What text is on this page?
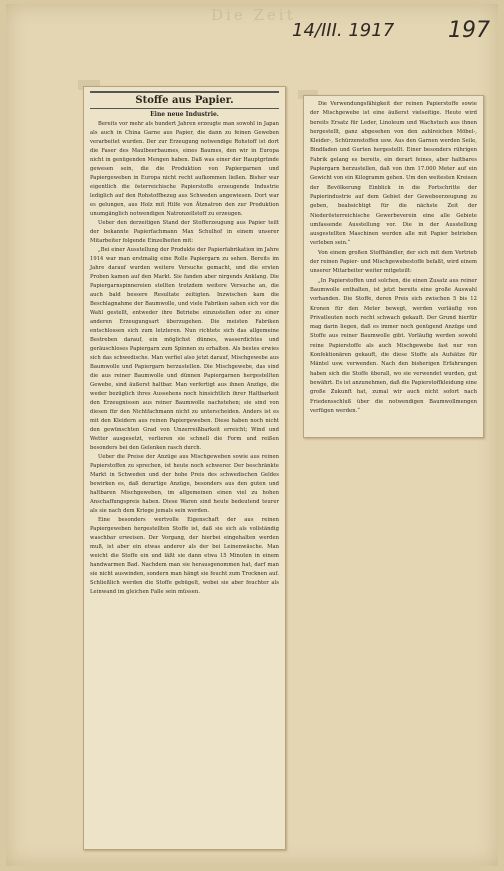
Die Zeit
14/III. 1917 197
Stoffe aus Papier.
Eine neue Industrie.

Bereits vor mehr als hundert Jahren erzeugte man sowohl in Japan als auch in China Garne aus Papier, die dann zu feinen Geweben verarbeitet wurden. Der zur Erzeugung notwendige Rohstoff ist dort die Faser des Maulbeerbaumes, eines Baumes, den wir in Europa nicht in genügenden Mengen haben. Daß was einer der Hauptgründe gewesen sein, die die Produktion von Papiergarnen und Papiergeweben in Europa nicht recht aufkommen ließen. Bisher war eigentlich die österreichische Papierstoffe erzeugende Industrie lediglich auf den Rohstoffbezug aus Schweden angewiesen. Dort war es gelungen, aus Holz mit Hilfe von Ätznatron den zur Produktion unumgänglich notwendigen Natronzellstoff zu erzeugen.

Ueber den derzeitigen Stand der Stofferzeugung aus Papier teilt der bekannte Papierfachmann Max Schulhof in einem unserer Mitarbeiter folgende Einzelheiten mit:

„Bei einer Ausstellung der Produkte der Papierfabrikation im Jahre 1914 war man erstmalig eine Rolle Papiergarn zu sehen. Bereits im Jahre darauf wurden weitere Versuche gemacht, und die ersten Proben kamen auf den Markt. Sie fanden aber nirgends Anklang. Die Papiergarnspinnereien stellten trotzdem weitere Versuche an, die auch bald bessere Resultate zeitigten. Inzwischen kam die Beschlagnahme der Baumwolle, und viele Fabriken sahen sich vor die Wahl gestellt, entweder ihre Betriebe einzustellen oder zu einer anderen Erzeugungsart überzugehen. Die meisten Fabriken entschlossen sich zum letzteren. Nun richtete sich das allgemeine Bestreben darauf, ein möglichst dünnes, wasserdichtes und geräuschloses Papiergarn zum Spinnen zu erhalten. Als bestes erwies sich das schwedische. Man verfiel also jetzt darauf, Mischgewebe aus Baumwolle und Papiergarn herzustellen. Die Mischgewebe, das sind die aus reiner Baumwolle und dünnen Papiergarnen hergestellten Gewebe, sind äußerst haltbar. Man verfertigt aus ihnen Anzüge, die weder bezüglich ihres Aussehens noch hinsichtlich ihrer Haltbarkeit den Erzeugnissen aus reiner Baumwolle nachstehen; sie sind von diesen für den Nichtfachmann nicht zu unterscheiden. Anders ist es mit den Kleidern aus reinen Papiergeweben. Diese haben noch nicht den gewünschten Grad von Unzerreißbarkeit erreicht; Wind und Wetter ausgesetzt, verlieren sie schnell die Form und reißen besonders bei den Gelenken rasch durch.

Ueber die Preise der Anzüge aus Mischgeweben sowie aus reinen Papierstoffen zu sprechen, ist heute noch schwerer. Der beschränkte Markt in Schweden und der hohe Preis des schwedischen Geldes bewirken es, daß derartige Anzüge, besonders aus den guten und haltbaren Mischgeweben, im allgemeinen einen viel zu hohen Anschaffungspreis haben. Diese Waren sind heute bedeutend teurer als sie nach dem Kriege jemals sein werden.

Eine besonders wertvolle Eigenschaft der aus reinen Papiergeweben hergestellten Stoffe ist, daß sie sich als vollständig waschbar erweisen. Der Vorgang, der hierbei eingehalten werden muß, ist aber ein etwas anderer als der bei Leinenwäsche. Man weicht die Stoffe ein und läßt sie dann etwa 15 Minuten in einem handwarmen Bad. Nachdem man sie herausgenommen hat, darf man sie nicht auswinden, sondern man hängt sie feucht zum Trocknen auf. Schließlich werden die Stoffe gebügelt, wobei sie aber feuchter als Leinwand im gleichen Falle sein müssen.

Die Verwendungsfähigkeit der reinen Papierstoffe sowie der Mischgewebe ist eine äußerst vielseitige. Heute wird bereits Ersatz für Leder, Linoleum und Wachstuch aus ihnen hergestellt, ganz abgesehen von den zahlreichen Möbel-, Kleider-, Schürzenstoffen usw. Aus den Garnen werden Seile, Bindfaden und Gurten hergestellt. Einer besonders rührigen Fabrik gelang es bereits, ein derart feines, aber haltbares Papiergarn herzustellen, daß von ihm 17.000 Meter auf ein Gewicht von ein Kilogramm gehen. Um den weitesten Kreisen der Bevölkerung Einblick in die Fortschritte der Papierindustrie auf dem Gebiet der Gewebeerzeugung zu geben, beabsichtigt für die nächste Zeit der Niederösterreichische Gewerbeverein eine alle Gebiete umfassende Ausstellung vor. Die in der Ausstellung ausgestellten Maschinen werden alle mit Papier betrieben verleben sein.“

Von einem großen Stoffhändler, der sich mit dem Vertrieb der reinen Papier- und Mischgewebestoffe befaßt, wird einem unserer Mitarbeiter weiter mitgeteilt:

„In Papierstoffen und solchen, die einen Zusatz aus reiner Baumwolle enthalten, ist jetzt bereits eine große Auswahl vorhanden. Die Stoffe, deren Preis sich zwischen 5 bis 12 Kronen für den Meter bewegt, werden vorläufig von Privatleuten noch recht schwach gekauft. Der Grund hierfür mag darin liegen, daß es immer noch genügend Anzüge und Stoffe aus reiner Baumwolle gibt. Vorläufig werden sowohl reine Papierstoffe als auch Mischgewebe fast nur von Konfektionären gekauft, die diese Stoffe als Aufsätze für Mäntel usw. verwenden. Nach den bisherigen Erfahrungen haben sich die Stoffe überall, wo sie verwendet wurden, gut bewährt. Es ist anzunehmen, daß die Papierstoffkleidung eine große Zukunft hat, zumal wir auch nicht sofort nach Friedensschluß über die notwendigen Baumwollmengen verfügen werden.“
